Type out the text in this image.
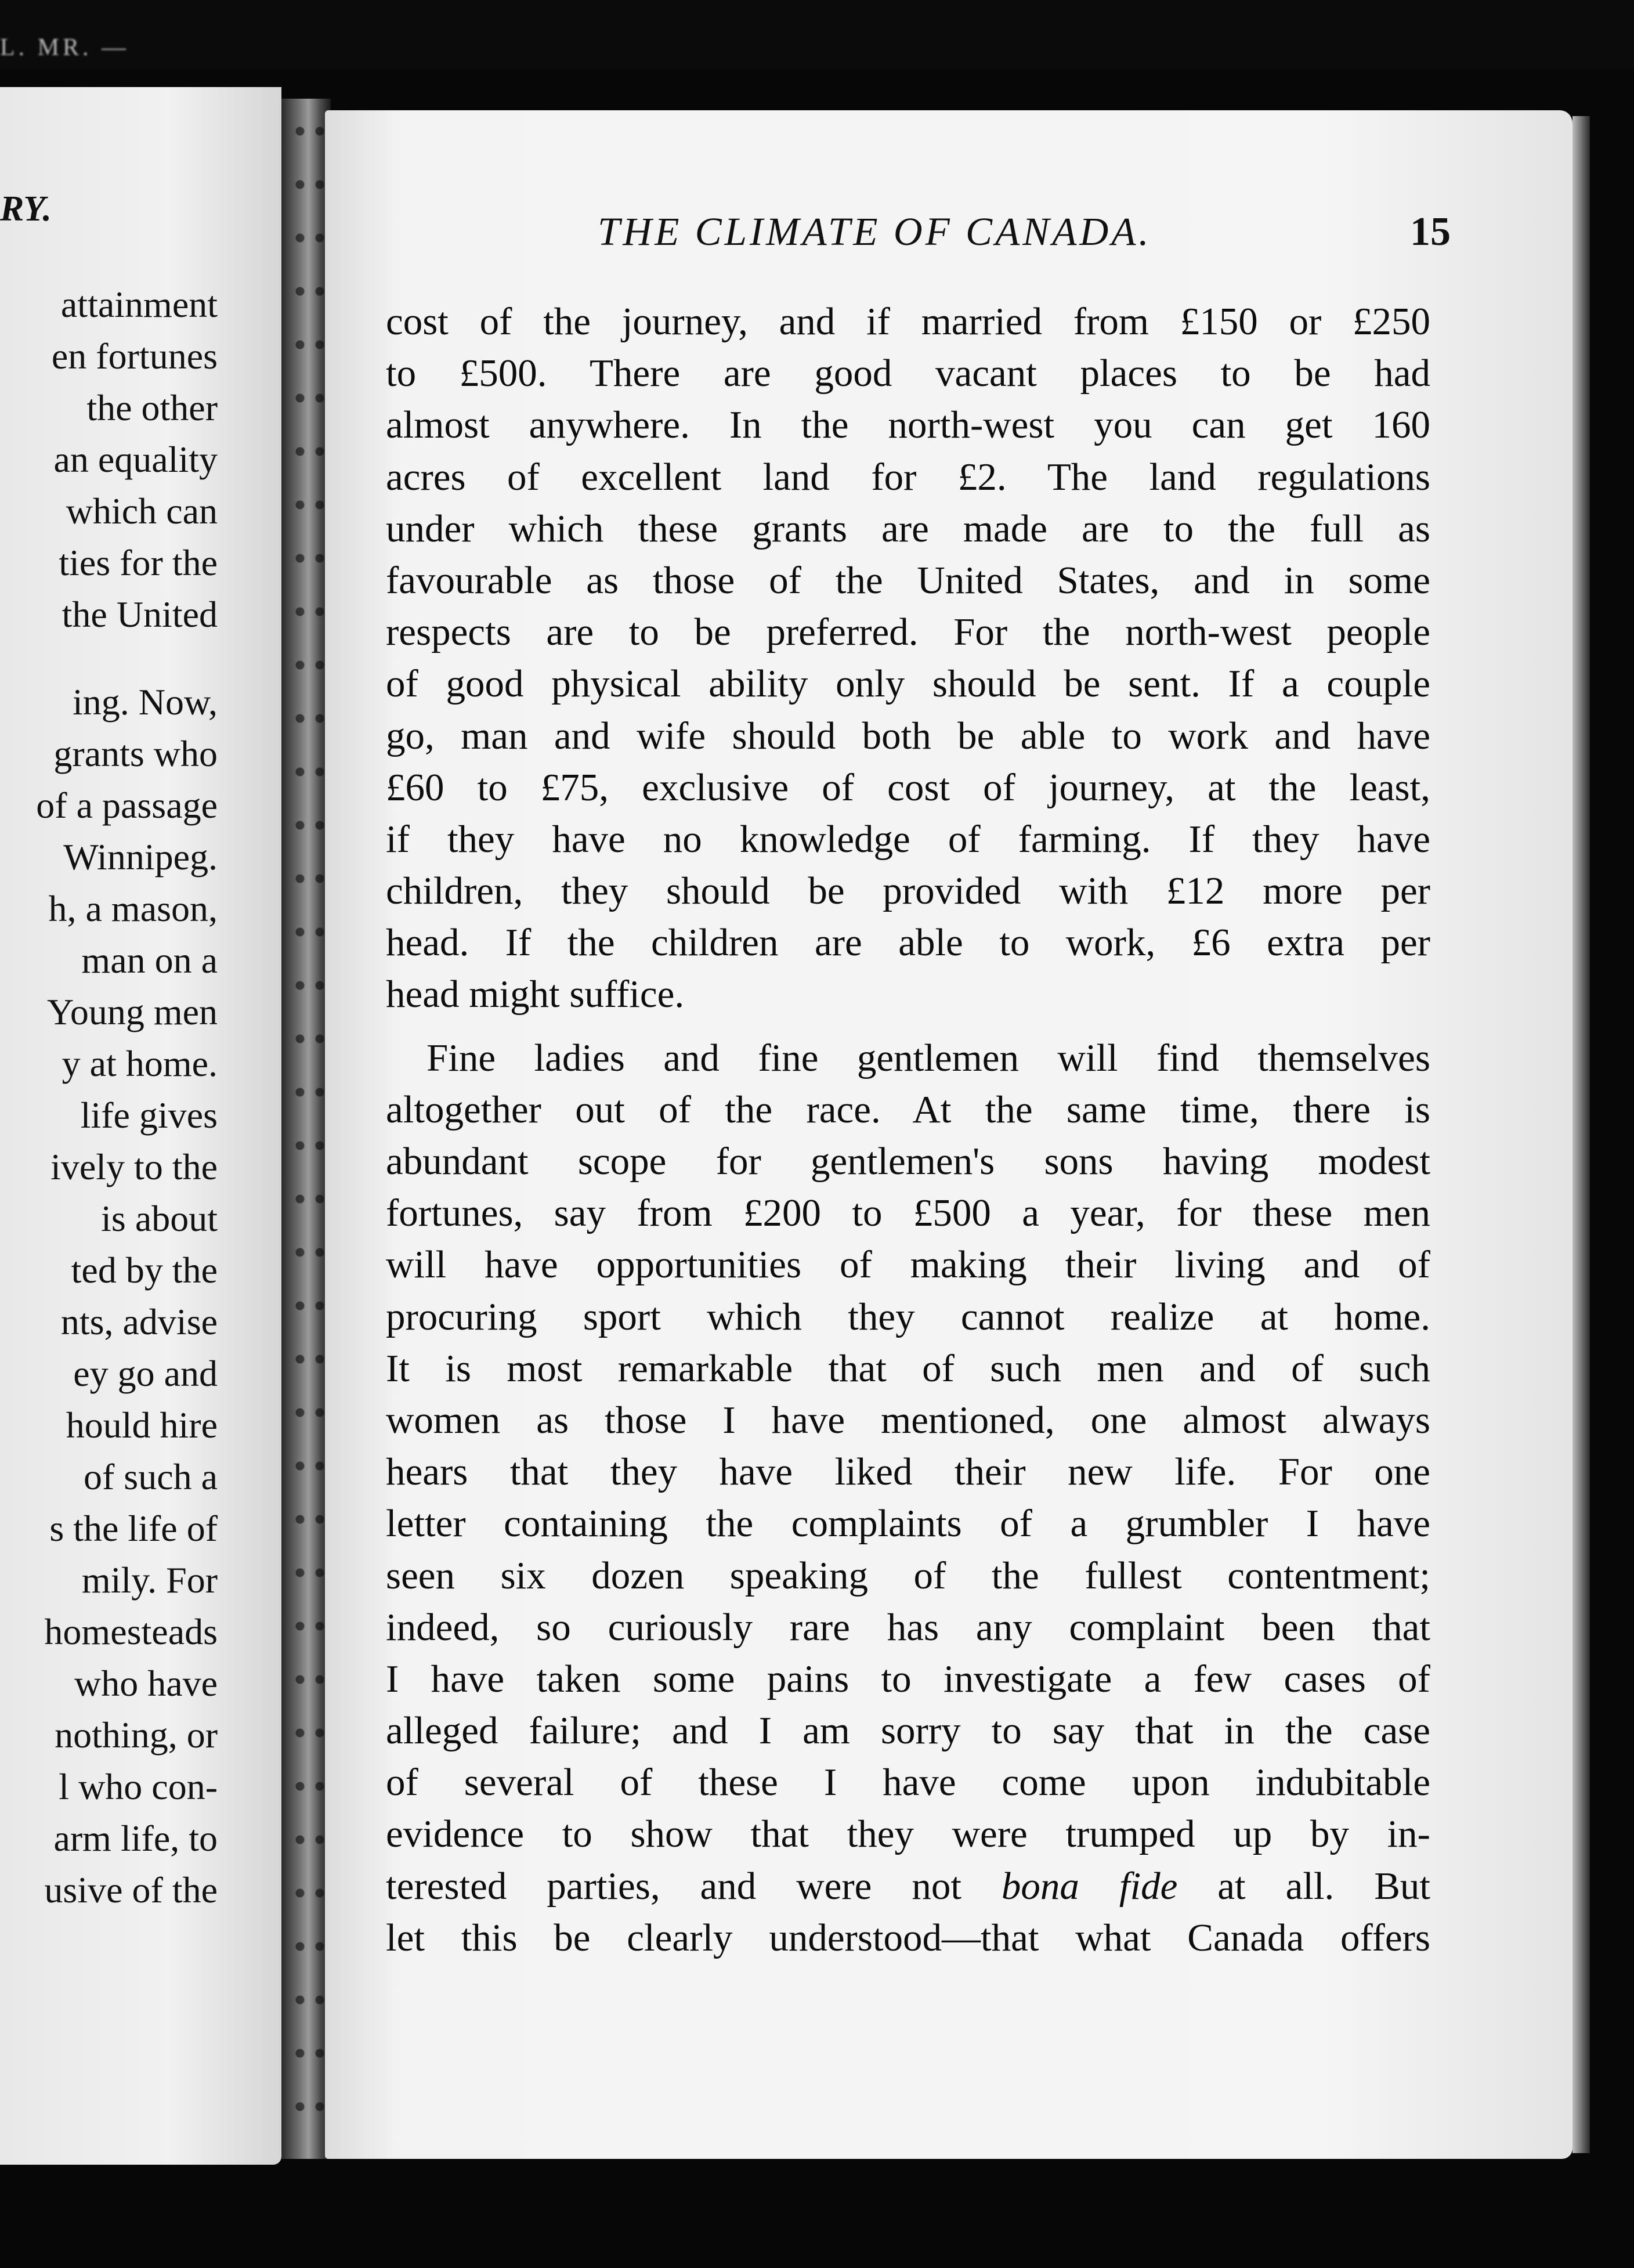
L. MR. —
RY.
attainment
en fortunes
the other
an equality
which can
ties for the
the United
ing. Now,
grants who
of a passage
Winnipeg.
h, a mason,
man on a
Young men
y at home.
life gives
ively to the
is about
ted by the
nts, advise
ey go and
hould hire
of such a
s the life of
mily. For
homesteads
who have
nothing, or
l who con-
arm life, to
usive of the
THE CLIMATE OF CANADA.	15
cost of the journey, and if married from £150 or £250
to £500. There are good vacant places to be had
almost anywhere. In the north-west you can get 160
acres of excellent land for £2. The land regulations
under which these grants are made are to the full as
favourable as those of the United States, and in some
respects are to be preferred. For the north-west people
of good physical ability only should be sent. If a couple
go, man and wife should both be able to work and have
£60 to £75, exclusive of cost of journey, at the least,
if they have no knowledge of farming. If they have
children, they should be provided with £12 more per
head. If the children are able to work, £6 extra per
head might suffice.
Fine ladies and fine gentlemen will find themselves
altogether out of the race. At the same time, there is
abundant scope for gentlemen's sons having modest
fortunes, say from £200 to £500 a year, for these men
will have opportunities of making their living and of
procuring sport which they cannot realize at home.
It is most remarkable that of such men and of such
women as those I have mentioned, one almost always
hears that they have liked their new life. For one
letter containing the complaints of a grumbler I have
seen six dozen speaking of the fullest contentment;
indeed, so curiously rare has any complaint been that
I have taken some pains to investigate a few cases of
alleged failure; and I am sorry to say that in the case
of several of these I have come upon indubitable
evidence to show that they were trumped up by in-
terested parties, and were not bona fide at all. But
let this be clearly understood—that what Canada offers
